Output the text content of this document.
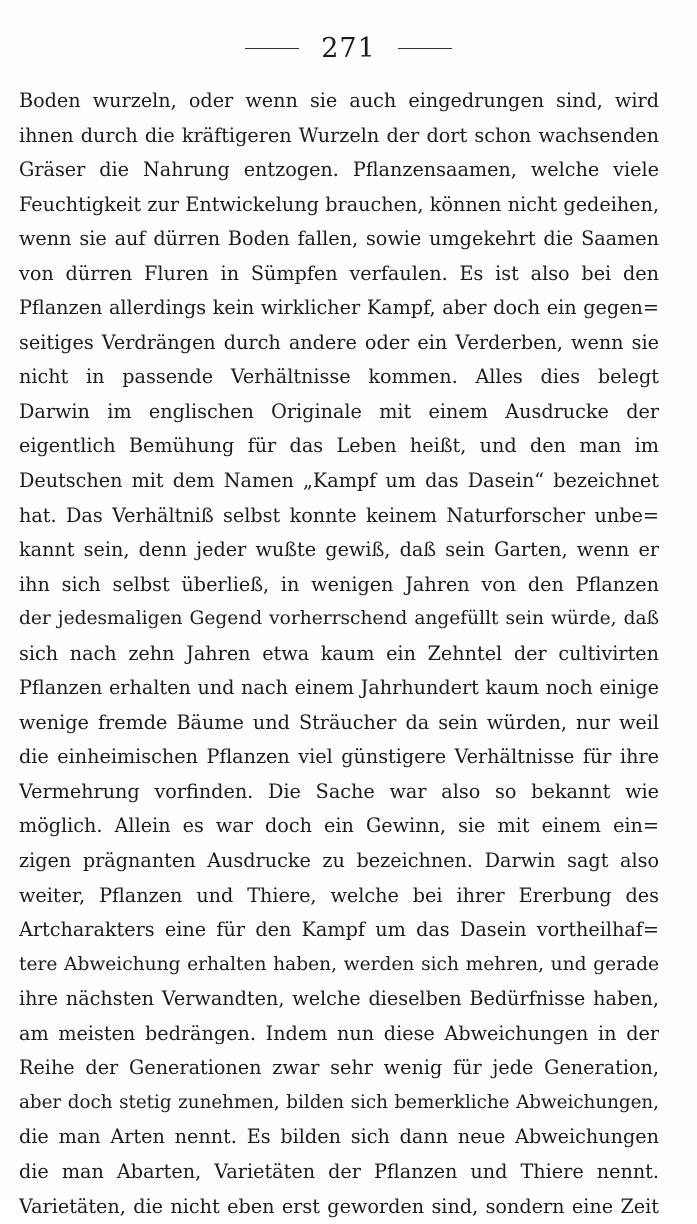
271
Boden wurzeln, oder wenn sie auch eingedrungen sind, wird
ihnen durch die kräftigeren Wurzeln der dort schon wachsenden
Gräser die Nahrung entzogen. Pflanzensaamen, welche viele
Feuchtigkeit zur Entwickelung brauchen, können nicht gedeihen,
wenn sie auf dürren Boden fallen, sowie umgekehrt die Saamen
von dürren Fluren in Sümpfen verfaulen. Es ist also bei den
Pflanzen allerdings kein wirklicher Kampf, aber doch ein gegen=
seitiges Verdrängen durch andere oder ein Verderben, wenn sie
nicht in passende Verhältnisse kommen. Alles dies belegt
Darwin im englischen Originale mit einem Ausdrucke der
eigentlich Bemühung für das Leben heißt, und den man im
Deutschen mit dem Namen „Kampf um das Dasein“ bezeichnet
hat. Das Verhältniß selbst konnte keinem Naturforscher unbe=
kannt sein, denn jeder wußte gewiß, daß sein Garten, wenn er
ihn sich selbst überließ, in wenigen Jahren von den Pflanzen
der jedesmaligen Gegend vorherrschend angefüllt sein würde, daß
sich nach zehn Jahren etwa kaum ein Zehntel der cultivirten
Pflanzen erhalten und nach einem Jahrhundert kaum noch einige
wenige fremde Bäume und Sträucher da sein würden, nur weil
die einheimischen Pflanzen viel günstigere Verhältnisse für ihre
Vermehrung vorfinden. Die Sache war also so bekannt wie
möglich. Allein es war doch ein Gewinn, sie mit einem ein=
zigen prägnanten Ausdrucke zu bezeichnen. Darwin sagt also
weiter, Pflanzen und Thiere, welche bei ihrer Ererbung des
Artcharakters eine für den Kampf um das Dasein vortheilhaf=
tere Abweichung erhalten haben, werden sich mehren, und gerade
ihre nächsten Verwandten, welche dieselben Bedürfnisse haben,
am meisten bedrängen. Indem nun diese Abweichungen in der
Reihe der Generationen zwar sehr wenig für jede Generation,
aber doch stetig zunehmen, bilden sich bemerkliche Abweichungen,
die man Arten nennt. Es bilden sich dann neue Abweichungen
die man Abarten, Varietäten der Pflanzen und Thiere nennt.
Varietäten, die nicht eben erst geworden sind, sondern eine Zeit
